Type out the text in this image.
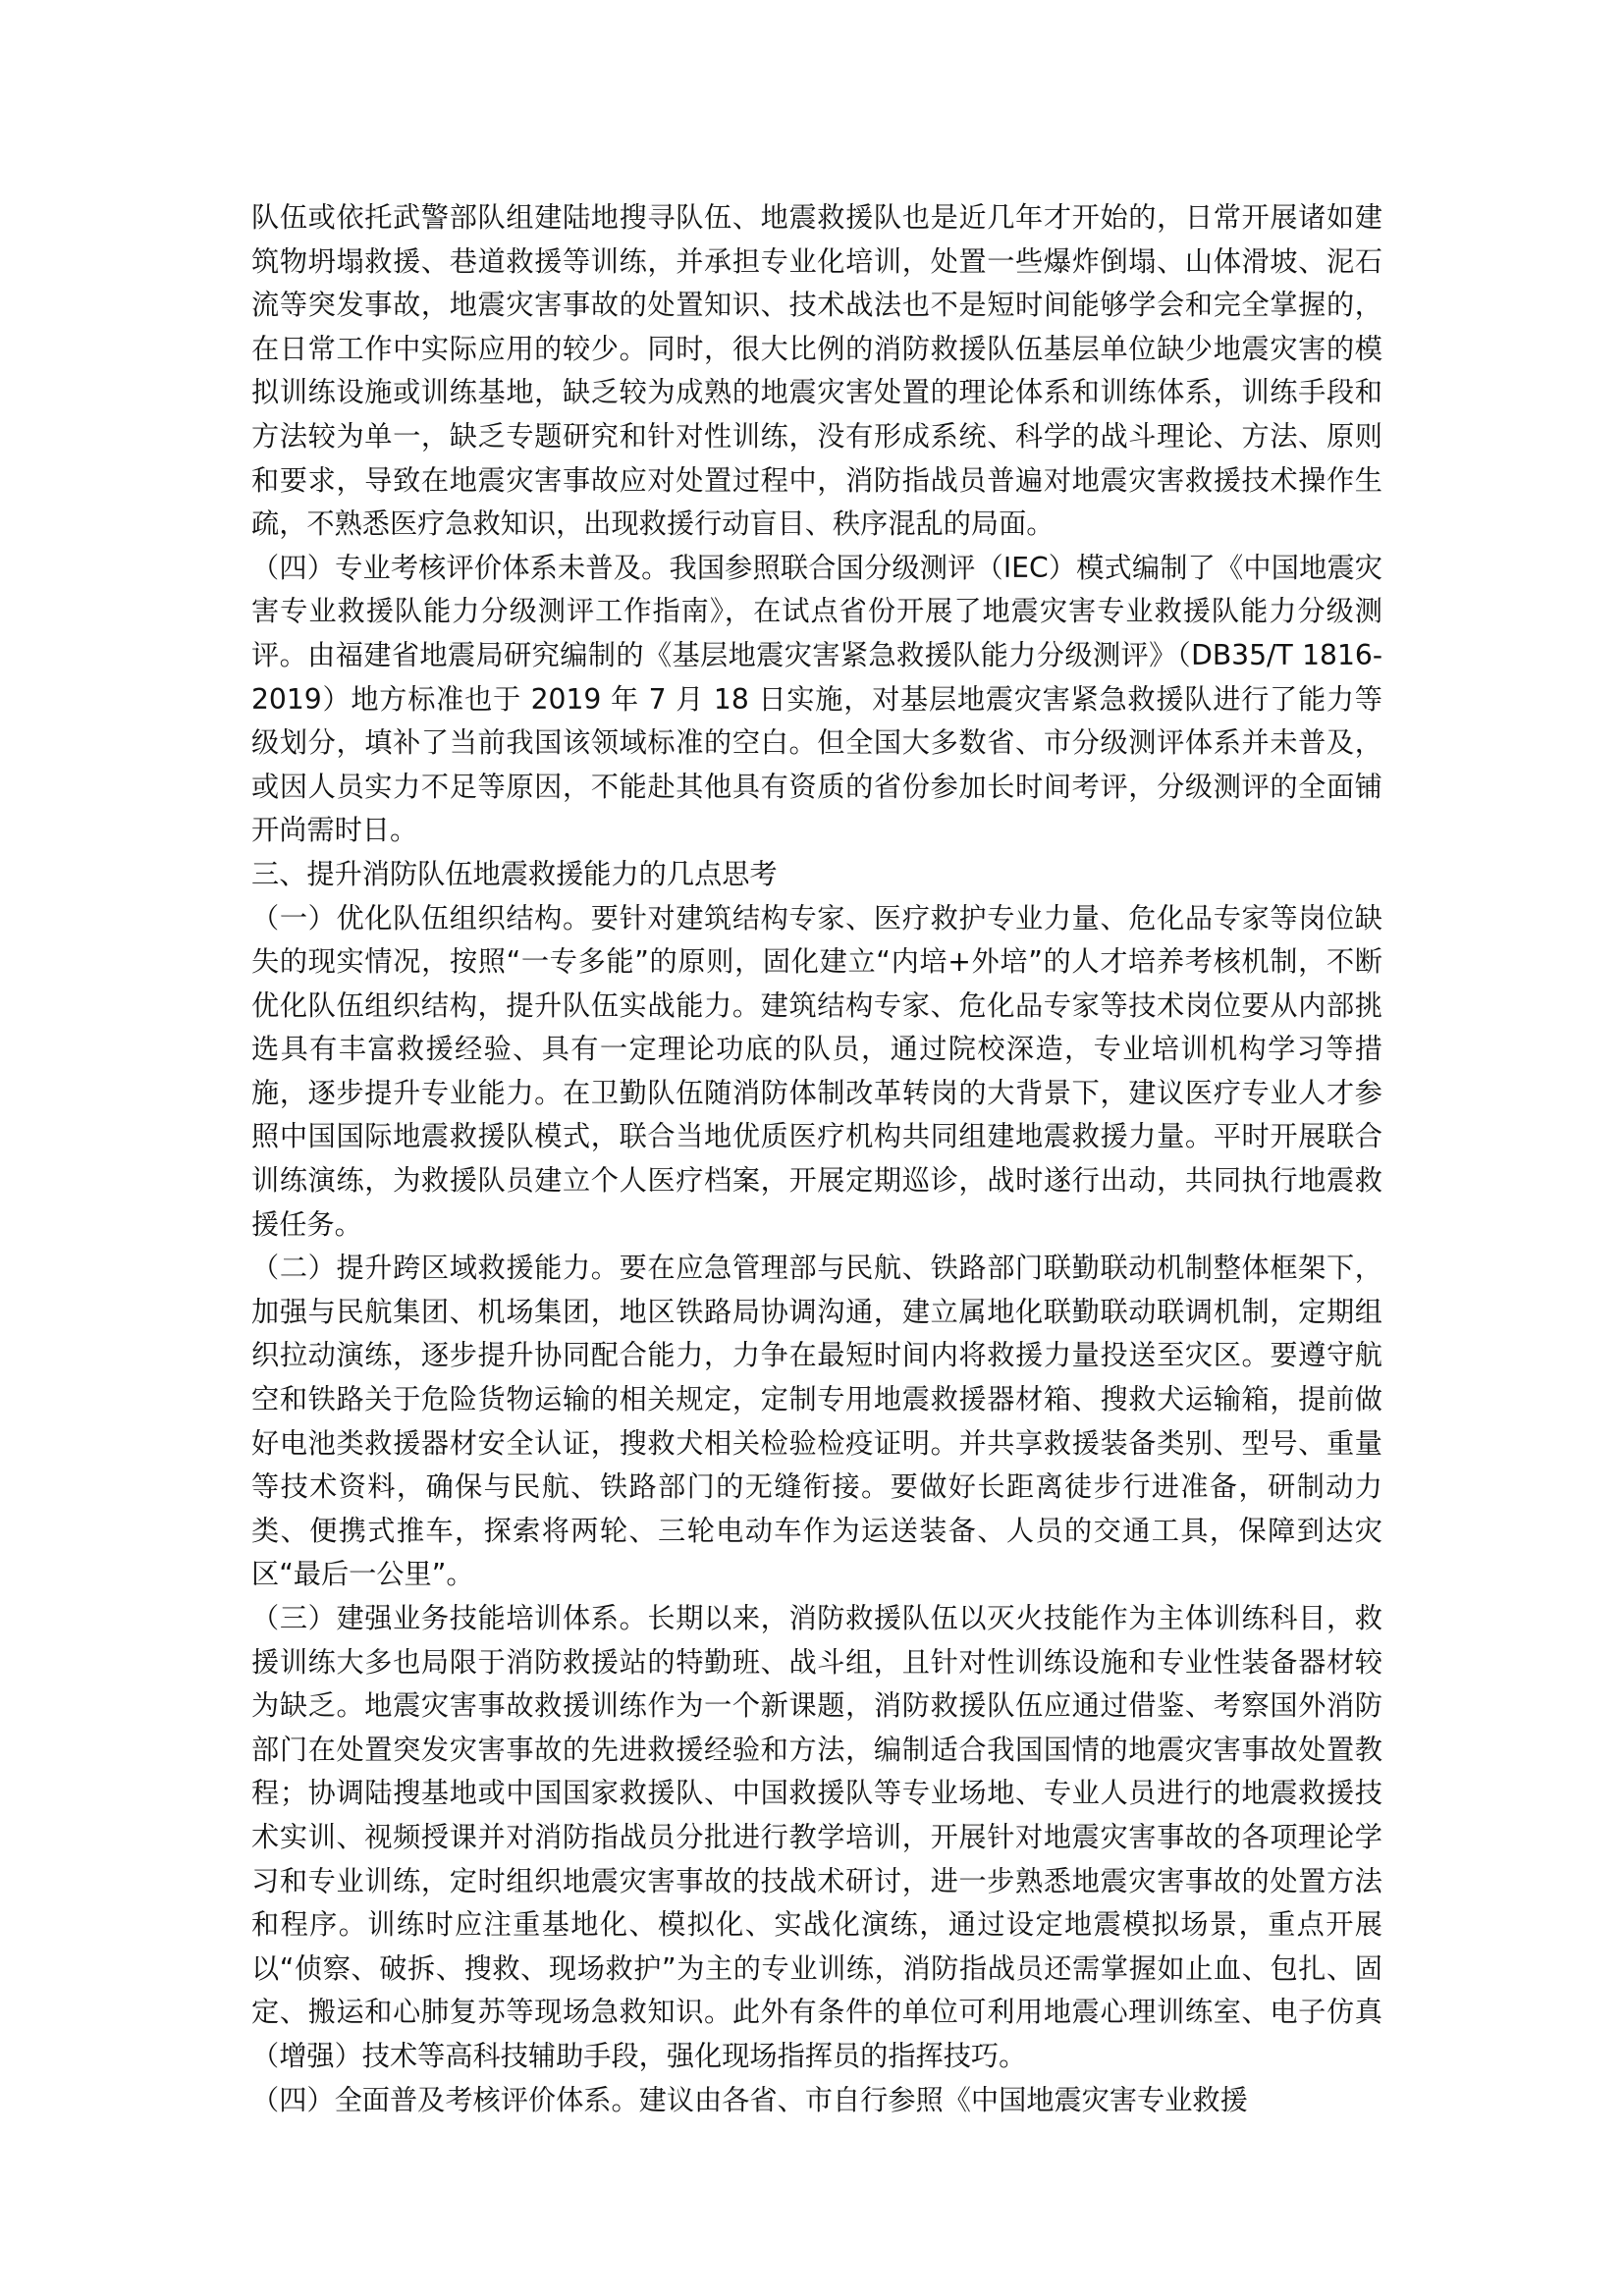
队伍或依托武警部队组建陆地搜寻队伍、地震救援队也是近几年才开始的，日常开展诸如建筑物坍塌救援、巷道救援等训练，并承担专业化培训，处置一些爆炸倒塌、山体滑坡、泥石流等突发事故，地震灾害事故的处置知识、技术战法也不是短时间能够学会和完全掌握的，在日常工作中实际应用的较少。同时，很大比例的消防救援队伍基层单位缺少地震灾害的模拟训练设施或训练基地，缺乏较为成熟的地震灾害处置的理论体系和训练体系，训练手段和方法较为单一，缺乏专题研究和针对性训练，没有形成系统、科学的战斗理论、方法、原则和要求，导致在地震灾害事故应对处置过程中，消防指战员普遍对地震灾害救援技术操作生疏，不熟悉医疗急救知识，出现救援行动盲目、秩序混乱的局面。

（四）专业考核评价体系未普及。我国参照联合国分级测评（IEC）模式编制了《中国地震灾害专业救援队能力分级测评工作指南》，在试点省份开展了地震灾害专业救援队能力分级测评。由福建省地震局研究编制的《基层地震灾害紧急救援队能力分级测评》（DB35/T 1816-2019）地方标准也于 2019 年 7 月 18 日实施，对基层地震灾害紧急救援队进行了能力等级划分，填补了当前我国该领域标准的空白。但全国大多数省、市分级测评体系并未普及，或因人员实力不足等原因，不能赴其他具有资质的省份参加长时间考评，分级测评的全面铺开尚需时日。

三、提升消防队伍地震救援能力的几点思考

（一）优化队伍组织结构。要针对建筑结构专家、医疗救护专业力量、危化品专家等岗位缺失的现实情况，按照“一专多能”的原则，固化建立“内培+外培”的人才培养考核机制，不断优化队伍组织结构，提升队伍实战能力。建筑结构专家、危化品专家等技术岗位要从内部挑选具有丰富救援经验、具有一定理论功底的队员，通过院校深造，专业培训机构学习等措施，逐步提升专业能力。在卫勤队伍随消防体制改革转岗的大背景下，建议医疗专业人才参照中国国际地震救援队模式，联合当地优质医疗机构共同组建地震救援力量。平时开展联合训练演练，为救援队员建立个人医疗档案，开展定期巡诊，战时遂行出动，共同执行地震救援任务。

（二）提升跨区域救援能力。要在应急管理部与民航、铁路部门联勤联动机制整体框架下，加强与民航集团、机场集团，地区铁路局协调沟通，建立属地化联勤联动联调机制，定期组织拉动演练，逐步提升协同配合能力，力争在最短时间内将救援力量投送至灾区。要遵守航空和铁路关于危险货物运输的相关规定，定制专用地震救援器材箱、搜救犬运输箱，提前做好电池类救援器材安全认证，搜救犬相关检验检疫证明。并共享救援装备类别、型号、重量等技术资料，确保与民航、铁路部门的无缝衔接。要做好长距离徒步行进准备，研制动力类、便携式推车，探索将两轮、三轮电动车作为运送装备、人员的交通工具，保障到达灾区“最后一公里”。

（三）建强业务技能培训体系。长期以来，消防救援队伍以灭火技能作为主体训练科目，救援训练大多也局限于消防救援站的特勤班、战斗组，且针对性训练设施和专业性装备器材较为缺乏。地震灾害事故救援训练作为一个新课题，消防救援队伍应通过借鉴、考察国外消防部门在处置突发灾害事故的先进救援经验和方法，编制适合我国国情的地震灾害事故处置教程；协调陆搜基地或中国国家救援队、中国救援队等专业场地、专业人员进行的地震救援技术实训、视频授课并对消防指战员分批进行教学培训，开展针对地震灾害事故的各项理论学习和专业训练，定时组织地震灾害事故的技战术研讨，进一步熟悉地震灾害事故的处置方法和程序。训练时应注重基地化、模拟化、实战化演练，通过设定地震模拟场景，重点开展以“侦察、破拆、搜救、现场救护”为主的专业训练，消防指战员还需掌握如止血、包扎、固定、搬运和心肺复苏等现场急救知识。此外有条件的单位可利用地震心理训练室、电子仿真（增强）技术等高科技辅助手段，强化现场指挥员的指挥技巧。

（四）全面普及考核评价体系。建议由各省、市自行参照《中国地震灾害专业救援
